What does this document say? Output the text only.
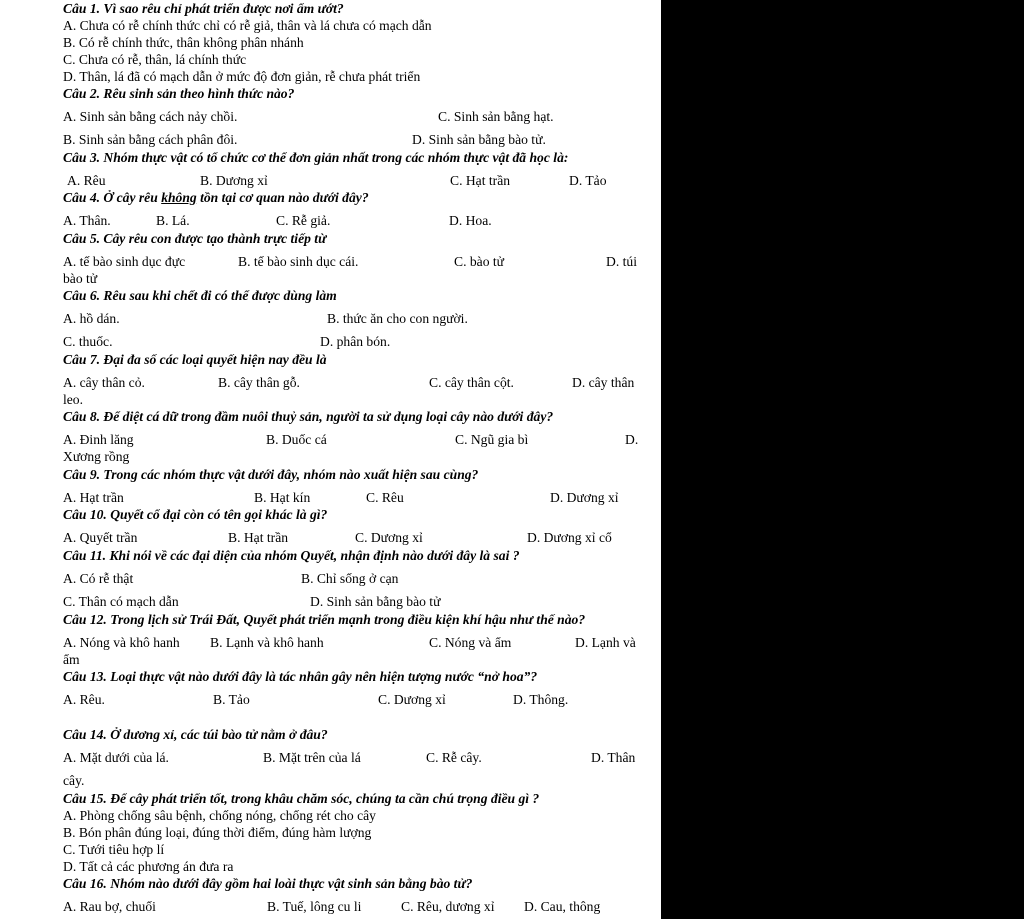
Câu 1. Vì sao rêu chỉ phát triển được nơi ẩm ướt?
A. Chưa có rễ chính thức chỉ có rễ giả, thân và lá chưa có mạch dẫn
B. Có rễ chính thức, thân không phân nhánh
C. Chưa có rễ, thân, lá chính thức
D. Thân, lá đã có mạch dẫn ở mức độ đơn giản, rễ chưa phát triển
Câu 2. Rêu sinh sản theo hình thức nào?
A. Sinh sản bằng cách nảy chồi.	C. Sinh sản bằng hạt.
B. Sinh sản bằng cách phân đôi.	D. Sinh sản bằng bào tử.
Câu 3. Nhóm thực vật có tổ chức cơ thể đơn giản nhất trong các nhóm thực vật đã học là:
A. Rêu	B. Dương xỉ	C. Hạt trần	D. Tảo
Câu 4. Ở cây rêu không tồn tại cơ quan nào dưới đây?
A. Thân.	B. Lá.	C. Rễ giả.	D. Hoa.
Câu 5. Cây rêu con được tạo thành trực tiếp từ
A. tế bào sinh dục đực	B. tế bào sinh dục cái.	C. bào tử	D. túi
bào tử
Câu 6. Rêu sau khi chết đi có thể được dùng làm
A. hồ dán.	B. thức ăn cho con người.
C. thuốc.	D. phân bón.
Câu 7. Đại đa số các loại quyết hiện nay đều là
A. cây thân cỏ.	B. cây thân gỗ.	C. cây thân cột.	D. cây thân
leo.
Câu 8. Để diệt cá dữ trong đầm nuôi thuỷ sản, người ta sử dụng loại cây nào dưới đây?
A. Đinh lăng	B. Duốc cá	C. Ngũ gia bì	D.
Xương rồng
Câu 9. Trong các nhóm thực vật dưới đây, nhóm nào xuất hiện sau cùng?
A. Hạt trần	B. Hạt kín	C. Rêu	D. Dương xỉ
Câu 10. Quyết cổ đại còn có tên gọi khác là gì?
A. Quyết trần	B. Hạt trần	C. Dương xỉ	D. Dương xỉ cổ
Câu 11. Khi nói về các đại diện của nhóm Quyết, nhận định nào dưới đây là sai ?
A. Có rễ thật	B. Chỉ sống ở cạn
C. Thân có mạch dẫn	D. Sinh sản bằng bào tử
Câu 12. Trong lịch sử Trái Đất, Quyết phát triển mạnh trong điều kiện khí hậu như thế nào?
A. Nóng và khô hanh B. Lạnh và khô hanh	C. Nóng và ẩm	D. Lạnh và
ẩm
Câu 13. Loại thực vật nào dưới đây là tác nhân gây nên hiện tượng nước “nở hoa”?
A. Rêu.	B. Tảo	C. Dương xỉ	D. Thông.
Câu 14. Ở dương xỉ, các túi bào tử nằm ở đâu?
A. Mặt dưới của lá.	B. Mặt trên của lá	C. Rễ cây.	D. Thân
cây.
Câu 15. Để cây phát triển tốt, trong khâu chăm sóc, chúng ta cần chú trọng điều gì ?
A. Phòng chống sâu bệnh, chống nóng, chống rét cho cây
B. Bón phân đúng loại, đúng thời điểm, đúng hàm lượng
C. Tưới tiêu hợp lí
D. Tất cả các phương án đưa ra
Câu 16. Nhóm nào dưới đây gồm hai loài thực vật sinh sản bằng bào tử?
A. Rau bợ, chuối	B. Tuế, lông cu li	C. Rêu, dương xỉ D. Cau, thông
